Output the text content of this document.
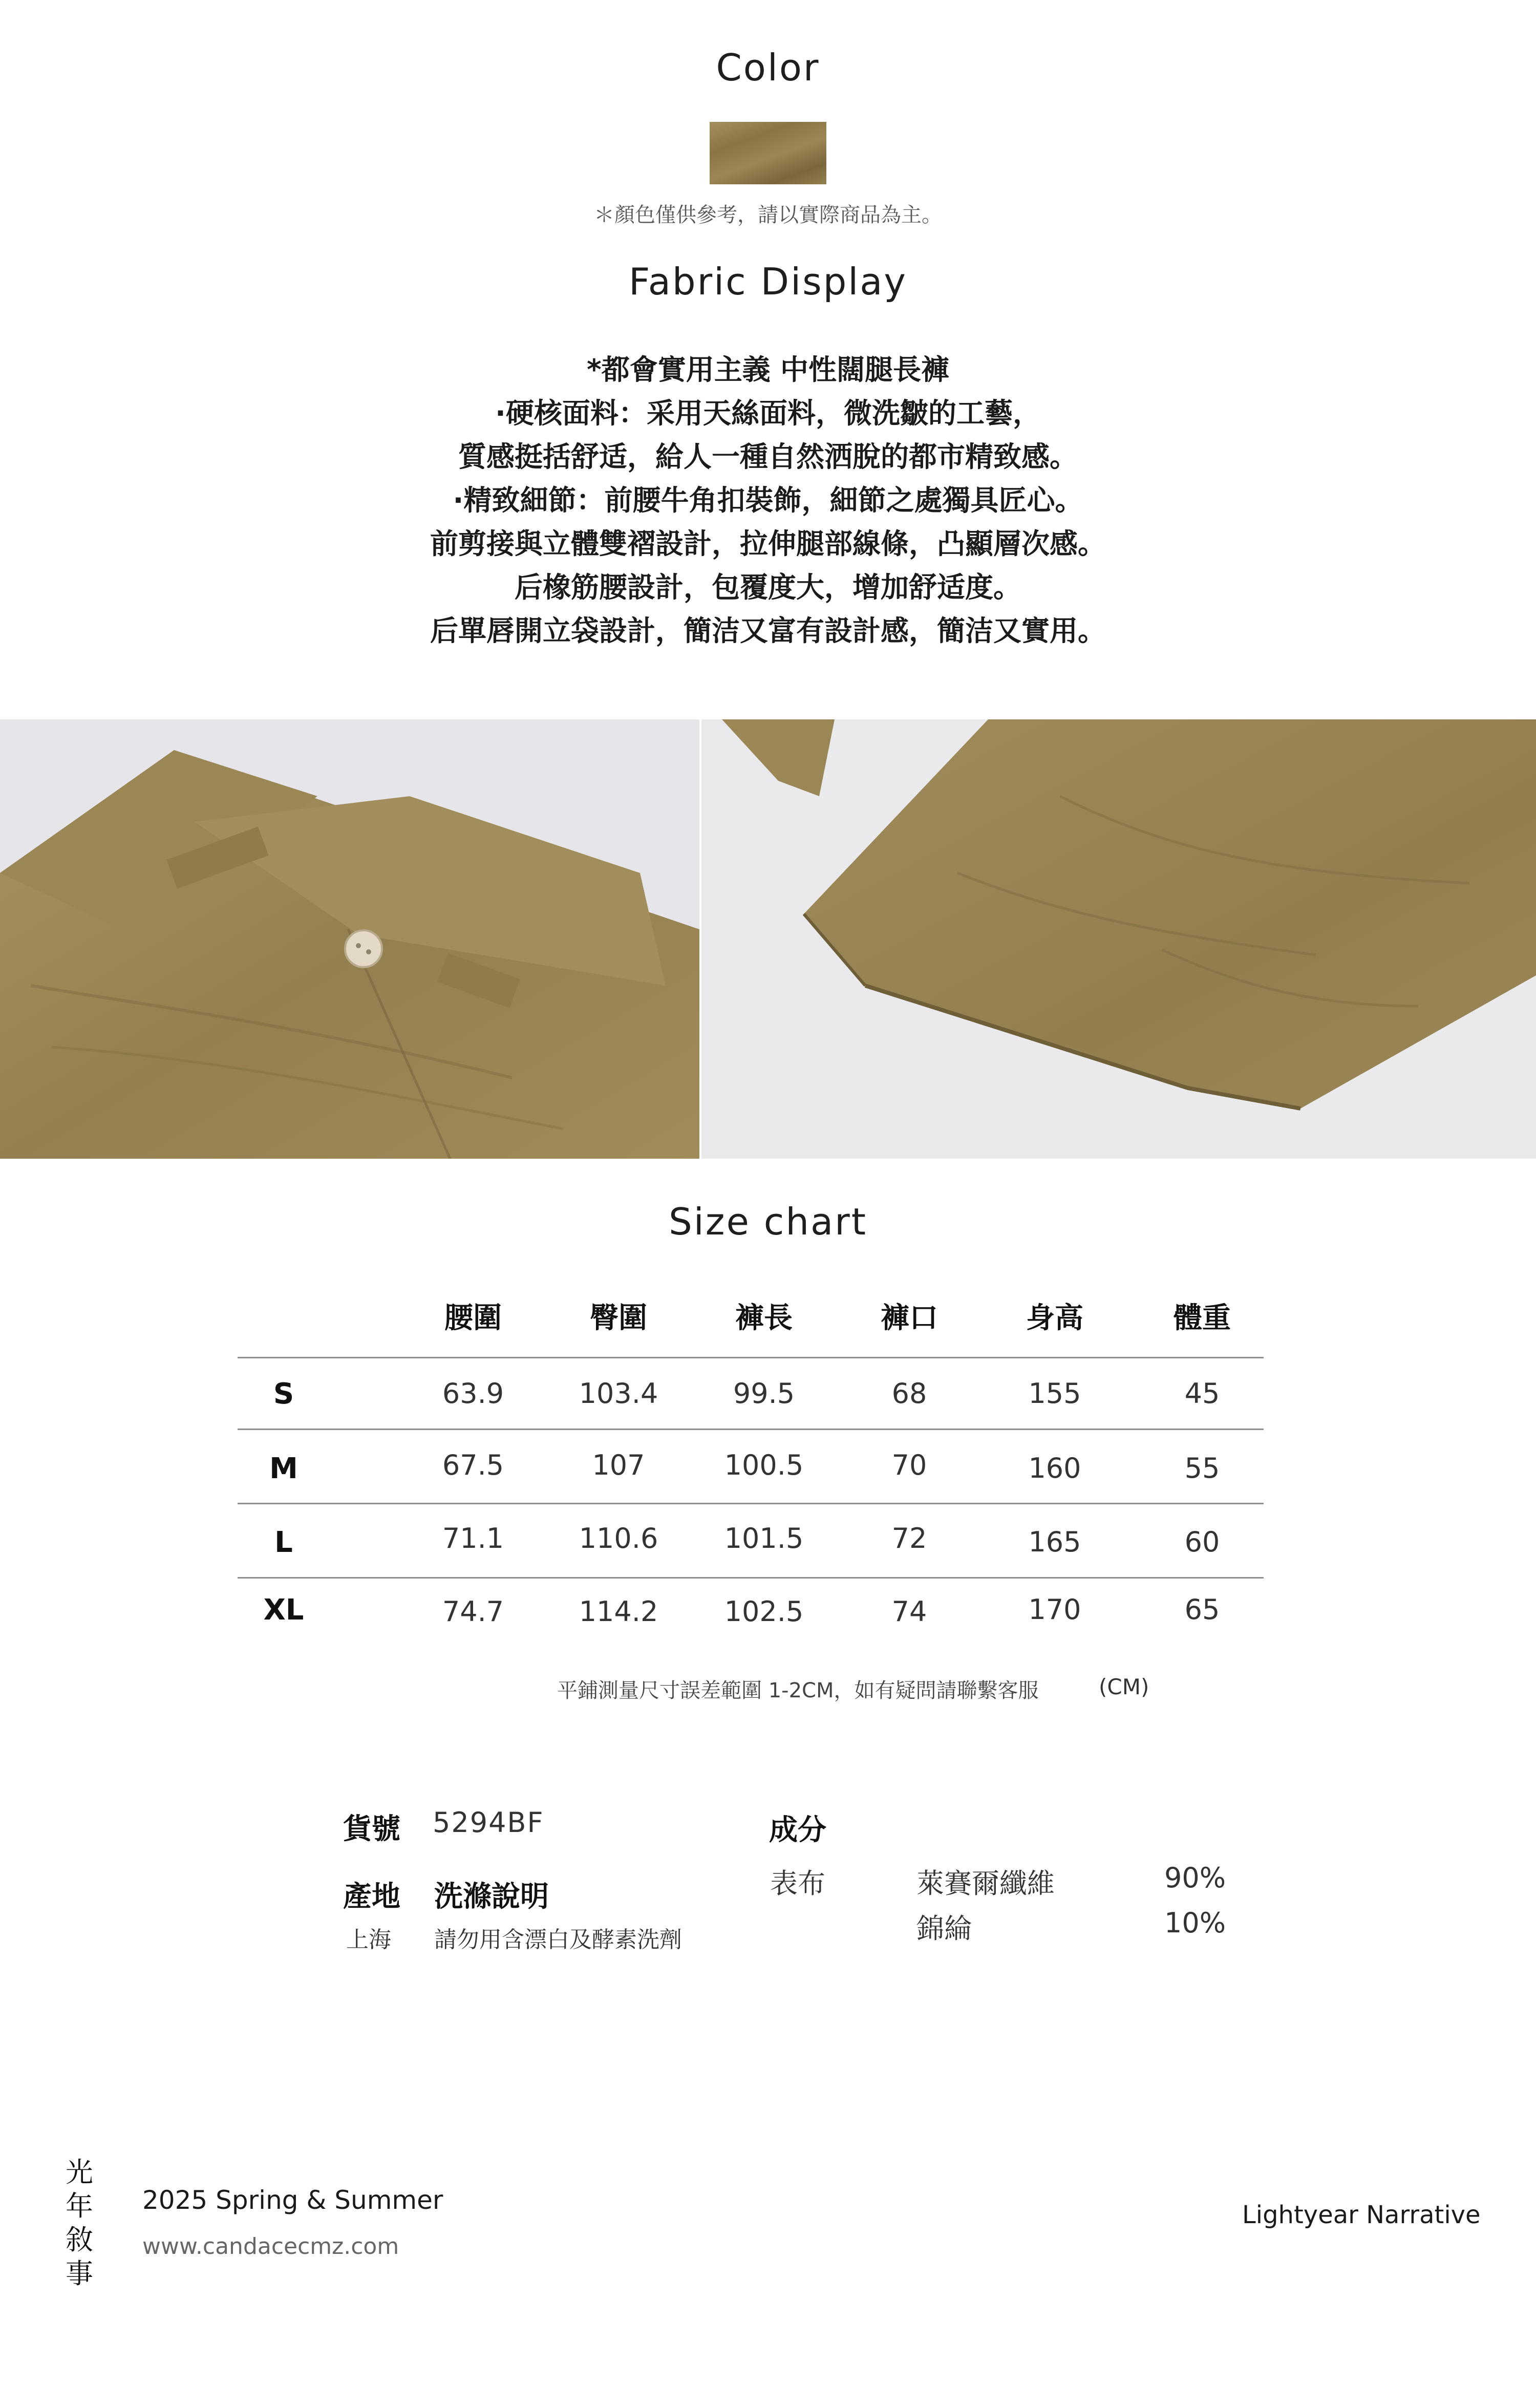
Color
＊顏色僅供參考，請以實際商品為主。
Fabric Display
*都會實用主義 中性闊腿長褲
·硬核面料：采用天絲面料，微洗皺的工藝，
質感挺括舒适，給人一種自然洒脫的都市精致感。
·精致細節：前腰牛角扣裝飾，細節之處獨具匠心。
前剪接與立體雙褶設計，拉伸腿部線條，凸顯層次感。
后橡筋腰設計，包覆度大，增加舒适度。
后單唇開立袋設計，簡洁又富有設計感，簡洁又實用。
Size chart
腰圍	臀圍	褲長	褲口	身高	體重
S	63.9	103.4	99.5	68	155	45
M	67.5	107	100.5	70	160	55
L	71.1	110.6	101.5	72	165	60
XL	74.7	114.2	102.5	74	170	65
平鋪測量尺寸誤差範圍 1-2CM，如有疑問請聯繫客服	(CM)
貨號 5294BF
產地 洗滌說明
上海 請勿用含漂白及酵素洗劑
成分
表布	萊賽爾纖維	90%
錦綸	10%
光
年
敘
事
2025 Spring & Summer
www.candacecmz.com
Lightyear Narrative
